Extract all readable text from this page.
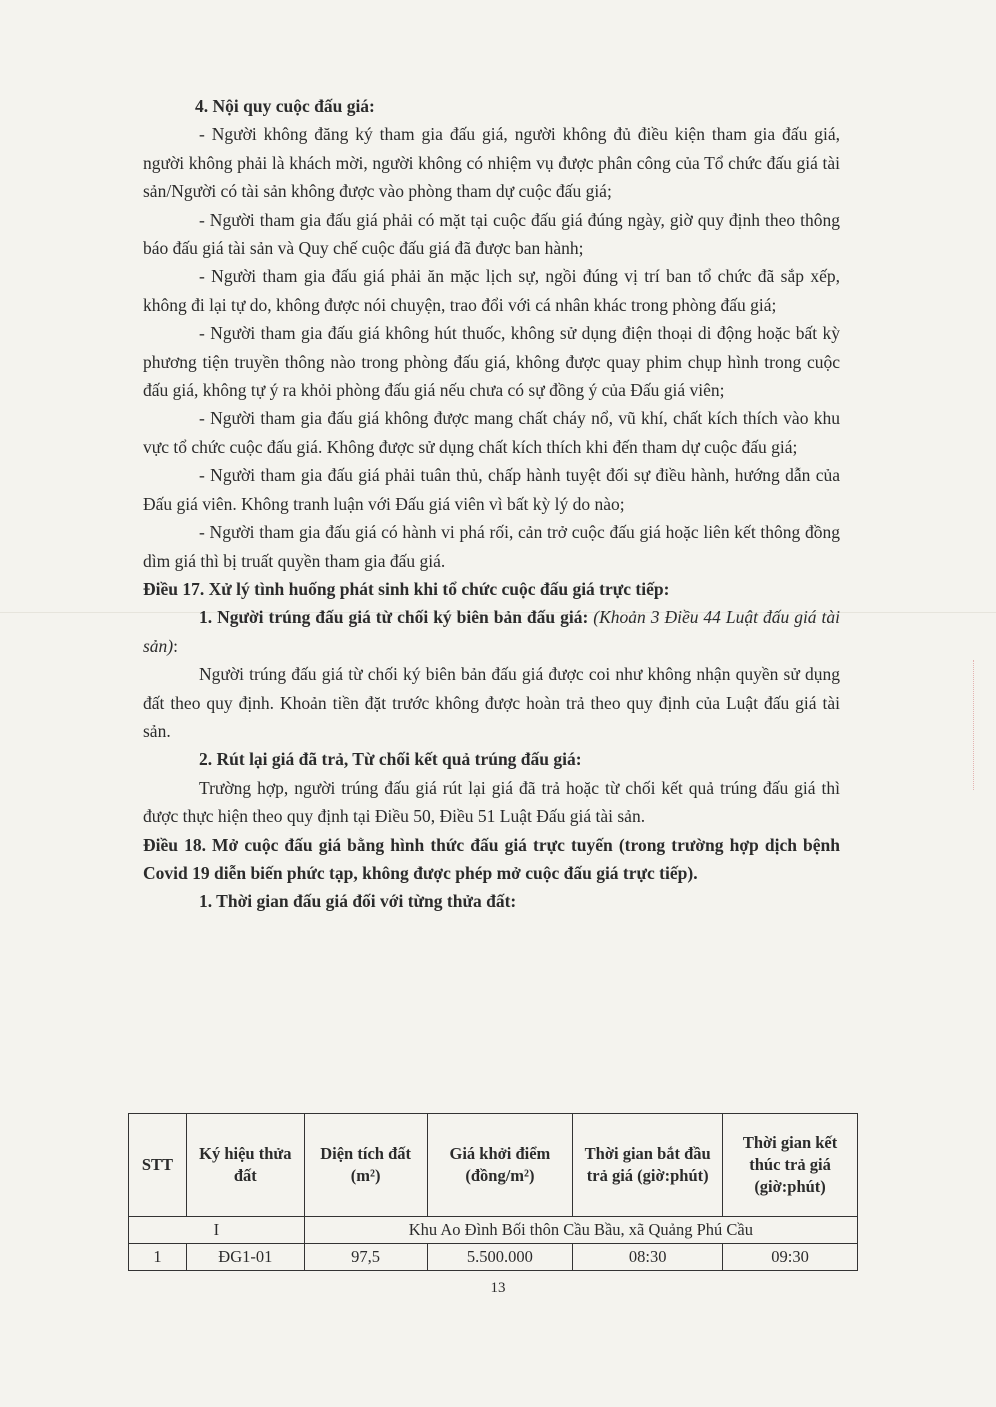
4. Nội quy cuộc đấu giá:

- Người không đăng ký tham gia đấu giá, người không đủ điều kiện tham gia đấu giá, người không phải là khách mời, người không có nhiệm vụ được phân công của Tổ chức đấu giá tài sản/Người có tài sản không được vào phòng tham dự cuộc đấu giá;

- Người tham gia đấu giá phải có mặt tại cuộc đấu giá đúng ngày, giờ quy định theo thông báo đấu giá tài sản và Quy chế cuộc đấu giá đã được ban hành;

- Người tham gia đấu giá phải ăn mặc lịch sự, ngồi đúng vị trí ban tổ chức đã sắp xếp, không đi lại tự do, không được nói chuyện, trao đổi với cá nhân khác trong phòng đấu giá;

- Người tham gia đấu giá không hút thuốc, không sử dụng điện thoại di động hoặc bất kỳ phương tiện truyền thông nào trong phòng đấu giá, không được quay phim chụp hình trong cuộc đấu giá, không tự ý ra khỏi phòng đấu giá nếu chưa có sự đồng ý của Đấu giá viên;

- Người tham gia đấu giá không được mang chất cháy nổ, vũ khí, chất kích thích vào khu vực tổ chức cuộc đấu giá. Không được sử dụng chất kích thích khi đến tham dự cuộc đấu giá;

- Người tham gia đấu giá phải tuân thủ, chấp hành tuyệt đối sự điều hành, hướng dẫn của Đấu giá viên. Không tranh luận với Đấu giá viên vì bất kỳ lý do nào;

- Người tham gia đấu giá có hành vi phá rối, cản trở cuộc đấu giá hoặc liên kết thông đồng dìm giá thì bị truất quyền tham gia đấu giá.

Điều 17. Xử lý tình huống phát sinh khi tổ chức cuộc đấu giá trực tiếp:

1. Người trúng đấu giá từ chối ký biên bản đấu giá: (Khoản 3 Điều 44 Luật đấu giá tài sản):

Người trúng đấu giá từ chối ký biên bản đấu giá được coi như không nhận quyền sử dụng đất theo quy định. Khoản tiền đặt trước không được hoàn trả theo quy định của Luật đấu giá tài sản.

2. Rút lại giá đã trả, Từ chối kết quả trúng đấu giá:

Trường hợp, người trúng đấu giá rút lại giá đã trả hoặc từ chối kết quả trúng đấu giá thì được thực hiện theo quy định tại Điều 50, Điều 51 Luật Đấu giá tài sản.

Điều 18. Mở cuộc đấu giá bằng hình thức đấu giá trực tuyến (trong trường hợp dịch bệnh Covid 19 diễn biến phức tạp, không được phép mở cuộc đấu giá trực tiếp).

1. Thời gian đấu giá đối với từng thửa đất:

STT	Ký hiệu thửa đất	Diện tích đất (m²)	Giá khởi điểm (đồng/m²)	Thời gian bắt đầu trả giá (giờ:phút)	Thời gian kết thúc trả giá (giờ:phút)
I		Khu Ao Đình Bối thôn Cầu Bầu, xã Quảng Phú Cầu			
1	ĐG1-01	97,5	5.500.000	08:30	09:30
13
